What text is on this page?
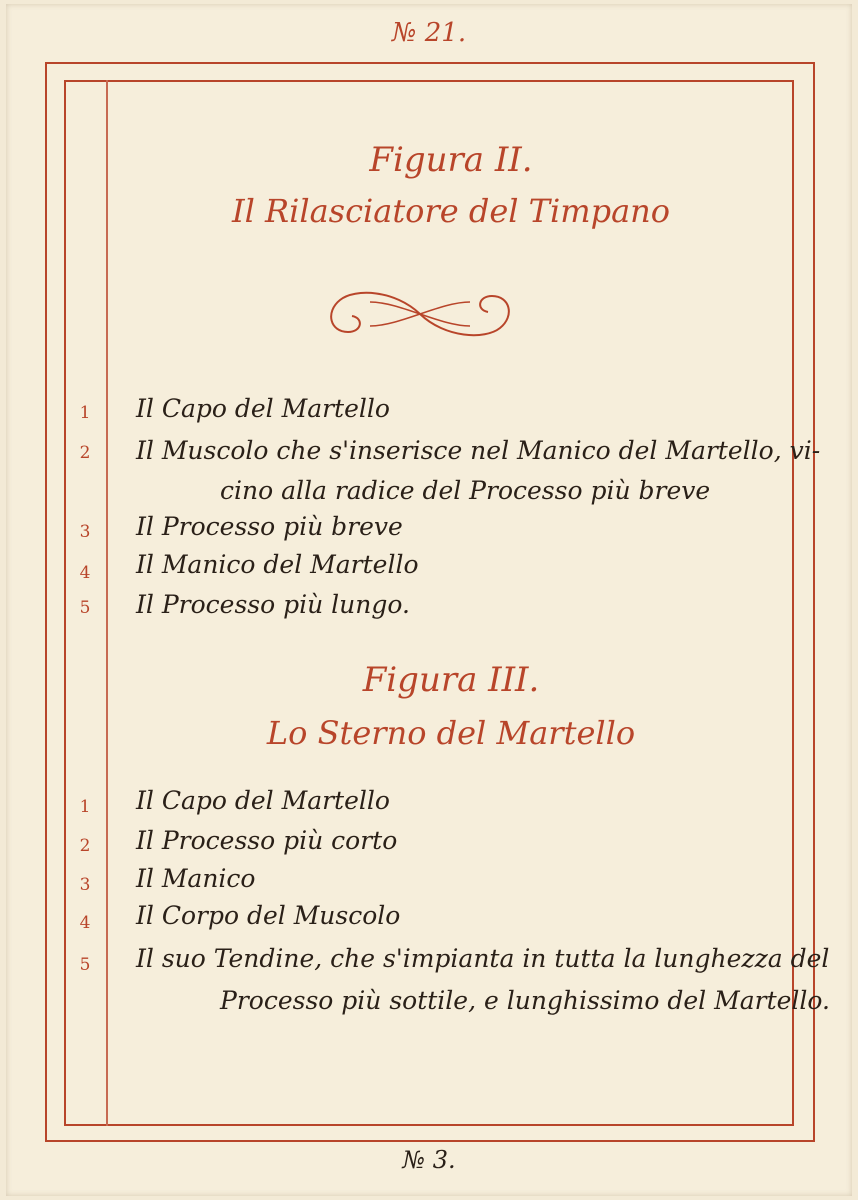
№ 21.
Figura II.
Il Rilasciatore del Timpano
1	Il Capo del Martello
2	Il Muscolo che s'inserisce nel Manico del Martello, vi-
cino alla radice del Processo più breve
3	Il Processo più breve
4	Il Manico del Martello
5	Il Processo più lungo.
Figura III.
Lo Sterno del Martello
1	Il Capo del Martello
2	Il Processo più corto
3	Il Manico
4	Il Corpo del Muscolo
5	Il suo Tendine, che s'impianta in tutta la lunghezza del
Processo più sottile, e lunghissimo del Martello.
№ 3.
